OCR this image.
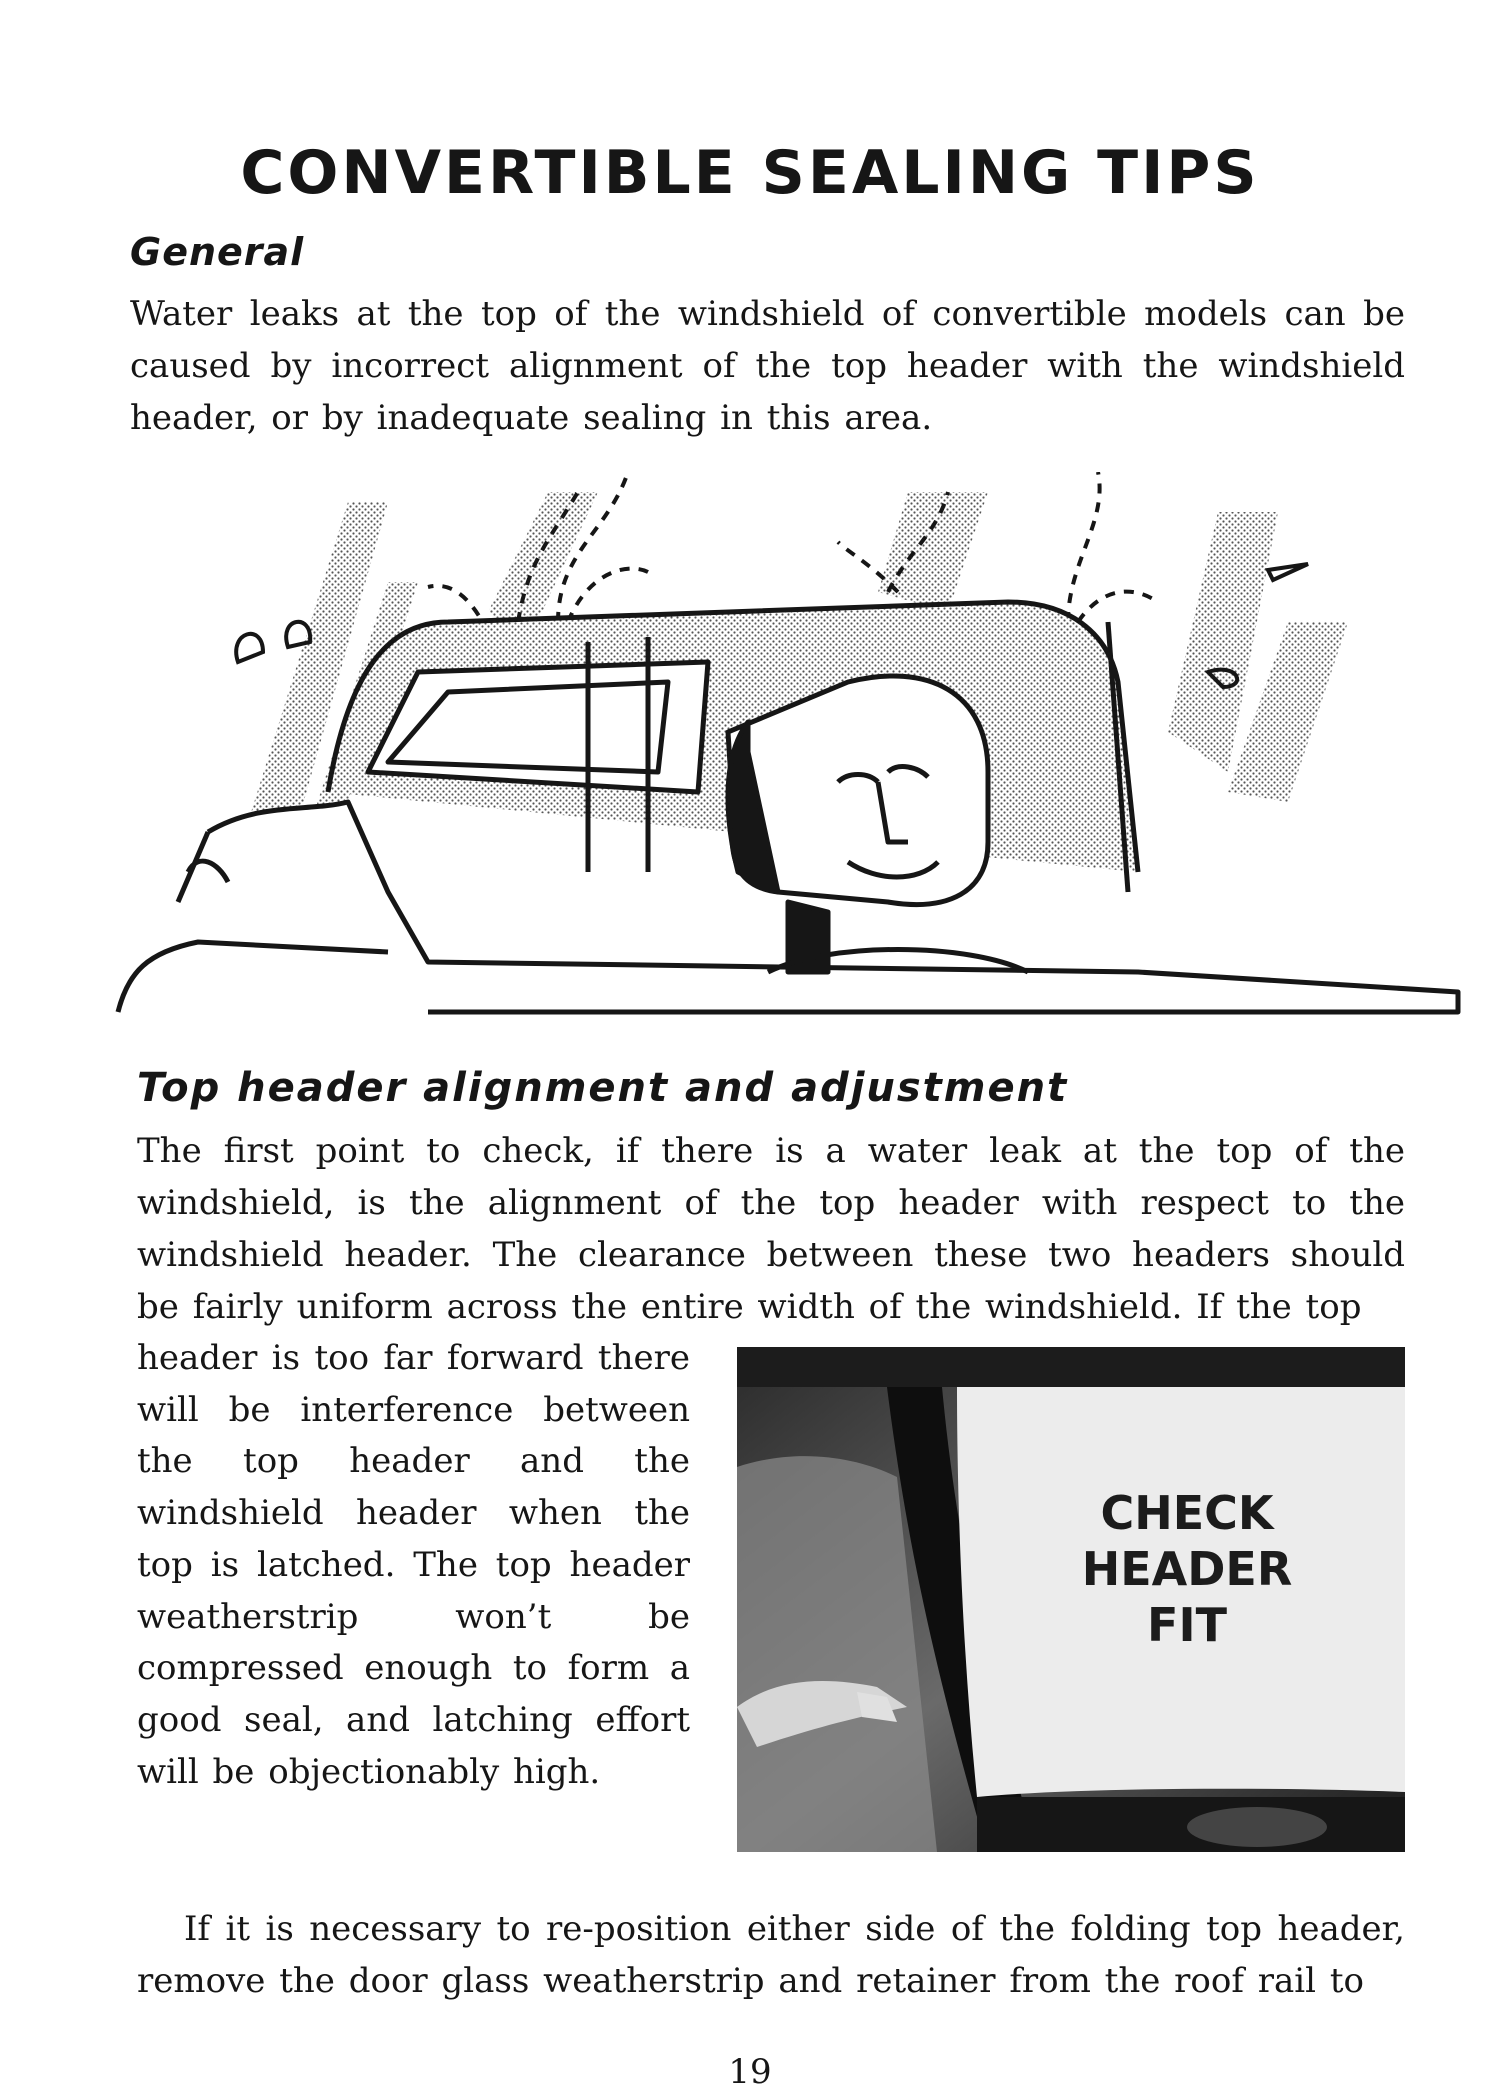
CONVERTIBLE SEALING TIPS
General

Water leaks at the top of the windshield of convertible models can be caused by incorrect alignment of the top header with the windshield header, or by inadequate sealing in this area.

Top header alignment and adjustment

The first point to check, if there is a water leak at the top of the windshield, is the alignment of the top header with respect to the windshield header. The clearance between these two headers should be fairly uniform across the entire width of the windshield. If the top

header is too far forward there will be interference between the top header and the windshield header when the top is latched. The top header weatherstrip won’t be compressed enough to form a good seal, and latching effort will be objectionably high.

CHECK
HEADER
FIT

If it is necessary to re-position either side of the folding top header, remove the door glass weatherstrip and retainer from the roof rail to

19
